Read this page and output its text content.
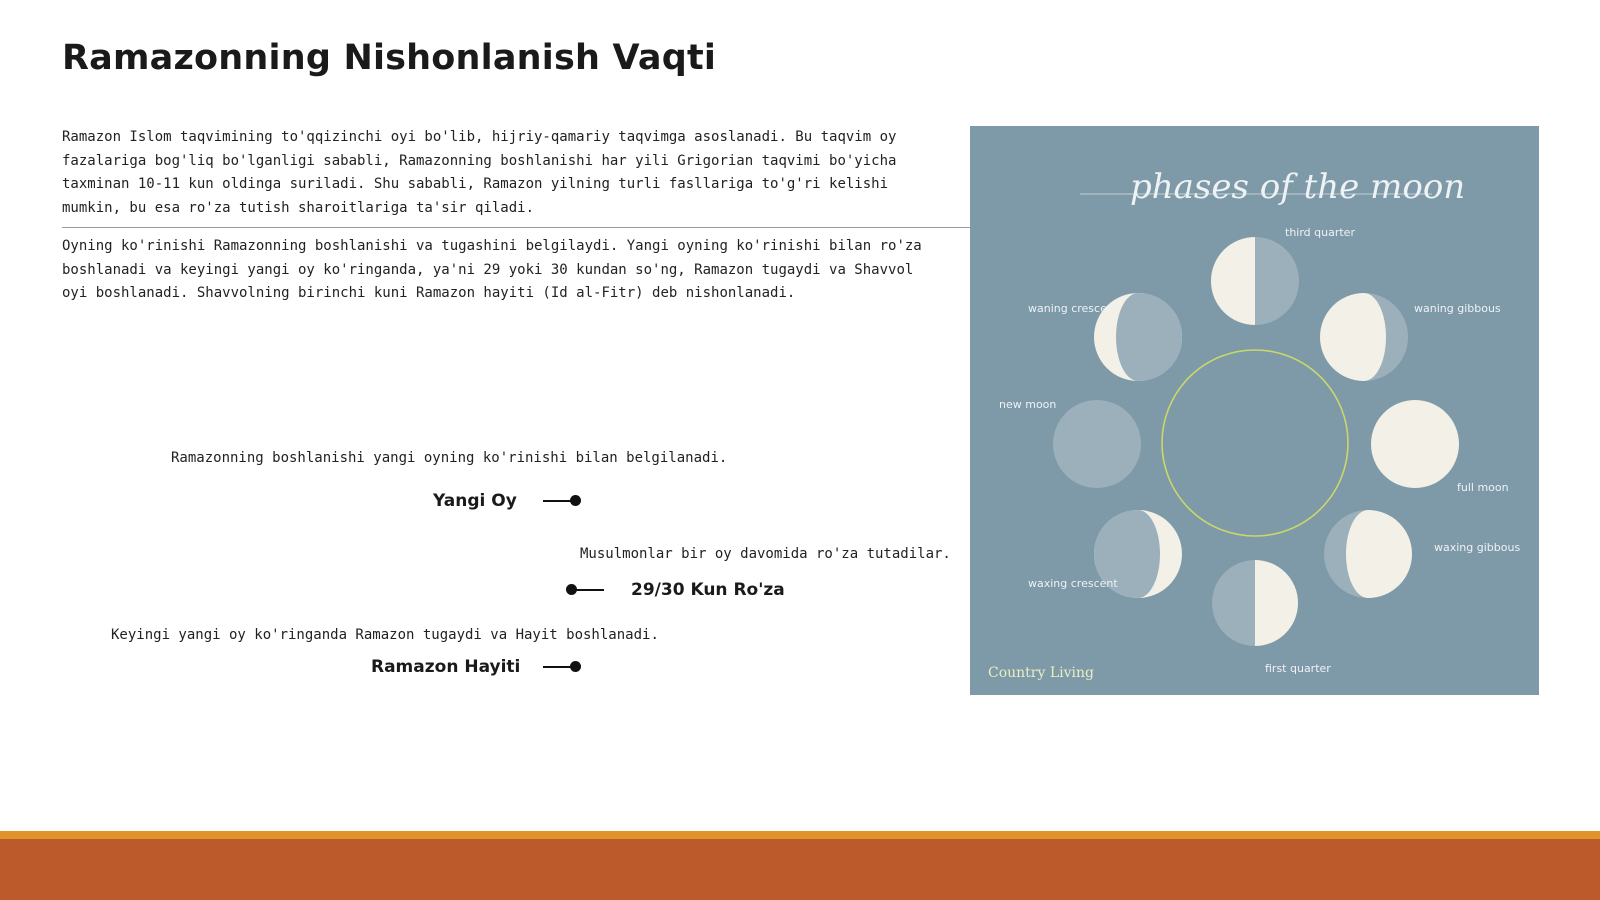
Ramazonning Nishonlanish Vaqti

Ramazon Islom taqvimining to'qqizinchi oyi bo'lib, hijriy-qamariy taqvimga asoslanadi. Bu taqvim oy fazalariga bog'liq bo'lganligi sababli, Ramazonning boshlanishi har yili Grigorian taqvimi bo'yicha taxminan 10-11 kun oldinga suriladi. Shu sababli, Ramazon yilning turli fasllariga to'g'ri kelishi mumkin, bu esa ro'za tutish sharoitlariga ta'sir qiladi.

Oyning ko'rinishi Ramazonning boshlanishi va tugashini belgilaydi. Yangi oyning ko'rinishi bilan ro'za boshlanadi va keyingi yangi oy ko'ringanda, ya'ni 29 yoki 30 kundan so'ng, Ramazon tugaydi va Shavvol oyi boshlanadi. Shavvolning birinchi kuni Ramazon hayiti (Id al-Fitr) deb nishonlanadi.

Ramazonning boshlanishi yangi oyning ko'rinishi bilan belgilanadi.

Yangi Oy

Musulmonlar bir oy davomida ro'za tutadilar.

29/30 Kun Ro'za

Keyingi yangi oy ko'ringanda Ramazon tugaydi va Hayit boshlanadi.

Ramazon Hayiti

phases of the moon
third quarter
waning gibbous
full moon
waxing gibbous
first quarter
waxing crescent
new moon
waning crescent
Country Living
